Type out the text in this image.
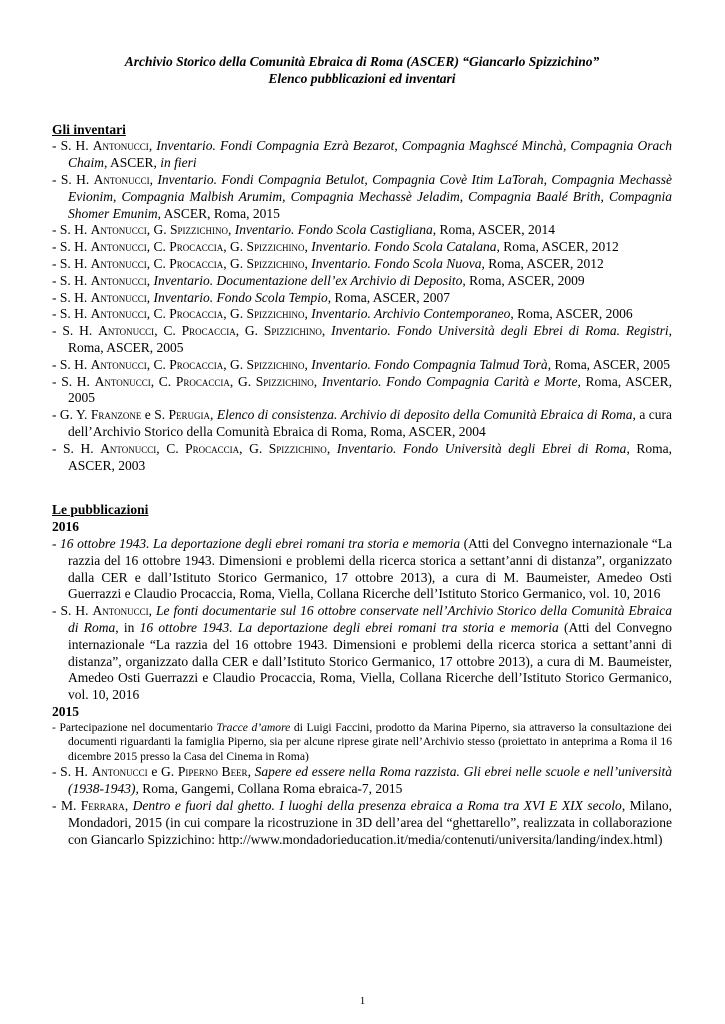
Archivio Storico della Comunità Ebraica di Roma (ASCER) “Giancarlo Spizzichino”
Elenco pubblicazioni ed inventari
Gli inventari
- S. H. Antonucci, Inventario. Fondi Compagnia Ezrà Bezarot, Compagnia Maghscé Minchà, Compagnia Orach Chaim, ASCER, in fieri
- S. H. Antonucci, Inventario. Fondi Compagnia Betulot, Compagnia Covè Itim LaTorah, Compagnia Mechassè Evionim, Compagnia Malbish Arumim, Compagnia Mechassè Jeladim, Compagnia Baalé Brith, Compagnia Shomer Emunim, ASCER, Roma, 2015
- S. H. Antonucci, G. Spizzichino, Inventario. Fondo Scola Castigliana, Roma, ASCER, 2014
- S. H. Antonucci, C. Procaccia, G. Spizzichino, Inventario. Fondo Scola Catalana, Roma, ASCER, 2012
- S. H. Antonucci, C. Procaccia, G. Spizzichino, Inventario. Fondo Scola Nuova, Roma, ASCER, 2012
- S. H. Antonucci, Inventario. Documentazione dell’ex Archivio di Deposito, Roma, ASCER, 2009
- S. H. Antonucci, Inventario. Fondo Scola Tempio, Roma, ASCER, 2007
- S. H. Antonucci, C. Procaccia, G. Spizzichino, Inventario. Archivio Contemporaneo, Roma, ASCER, 2006
- S. H. Antonucci, C. Procaccia, G. Spizzichino, Inventario. Fondo Università degli Ebrei di Roma. Registri, Roma, ASCER, 2005
- S. H. Antonucci, C. Procaccia, G. Spizzichino, Inventario. Fondo Compagnia Talmud Torà, Roma, ASCER, 2005
- S. H. Antonucci, C. Procaccia, G. Spizzichino, Inventario. Fondo Compagnia Carità e Morte, Roma, ASCER, 2005
- G. Y. Franzone e S. Perugia, Elenco di consistenza. Archivio di deposito della Comunità Ebraica di Roma, a cura dell’Archivio Storico della Comunità Ebraica di Roma, Roma, ASCER, 2004
- S. H. Antonucci, C. Procaccia, G. Spizzichino, Inventario. Fondo Università degli Ebrei di Roma, Roma, ASCER, 2003
Le pubblicazioni
2016
- 16 ottobre 1943. La deportazione degli ebrei romani tra storia e memoria (Atti del Convegno internazionale “La razzia del 16 ottobre 1943. Dimensioni e problemi della ricerca storica a settant’anni di distanza”, organizzato dalla CER e dall’Istituto Storico Germanico, 17 ottobre 2013), a cura di M. Baumeister, Amedeo Osti Guerrazzi e Claudio Procaccia, Roma, Viella, Collana Ricerche dell’Istituto Storico Germanico, vol. 10, 2016
- S. H. Antonucci, Le fonti documentarie sul 16 ottobre conservate nell’Archivio Storico della Comunità Ebraica di Roma, in 16 ottobre 1943. La deportazione degli ebrei romani tra storia e memoria (Atti del Convegno internazionale “La razzia del 16 ottobre 1943. Dimensioni e problemi della ricerca storica a settant’anni di distanza”, organizzato dalla CER e dall’Istituto Storico Germanico, 17 ottobre 2013), a cura di M. Baumeister, Amedeo Osti Guerrazzi e Claudio Procaccia, Roma, Viella, Collana Ricerche dell’Istituto Storico Germanico, vol. 10, 2016
2015
- Partecipazione nel documentario Tracce d’amore di Luigi Faccini, prodotto da Marina Piperno, sia attraverso la consultazione dei documenti riguardanti la famiglia Piperno, sia per alcune riprese girate nell’Archivio stesso (proiettato in anteprima a Roma il 16 dicembre 2015 presso la Casa del Cinema in Roma)
- S. H. Antonucci e G. Piperno Beer, Sapere ed essere nella Roma razzista. Gli ebrei nelle scuole e nell’università (1938-1943), Roma, Gangemi, Collana Roma ebraica-7, 2015
- M. Ferrara, Dentro e fuori dal ghetto. I luoghi della presenza ebraica a Roma tra XVI E XIX secolo, Milano, Mondadori, 2015 (in cui compare la ricostruzione in 3D dell’area del “ghettarello”, realizzata in collaborazione con Giancarlo Spizzichino: http://www.mondadorieducation.it/media/contenuti/universita/landing/index.html)
1
